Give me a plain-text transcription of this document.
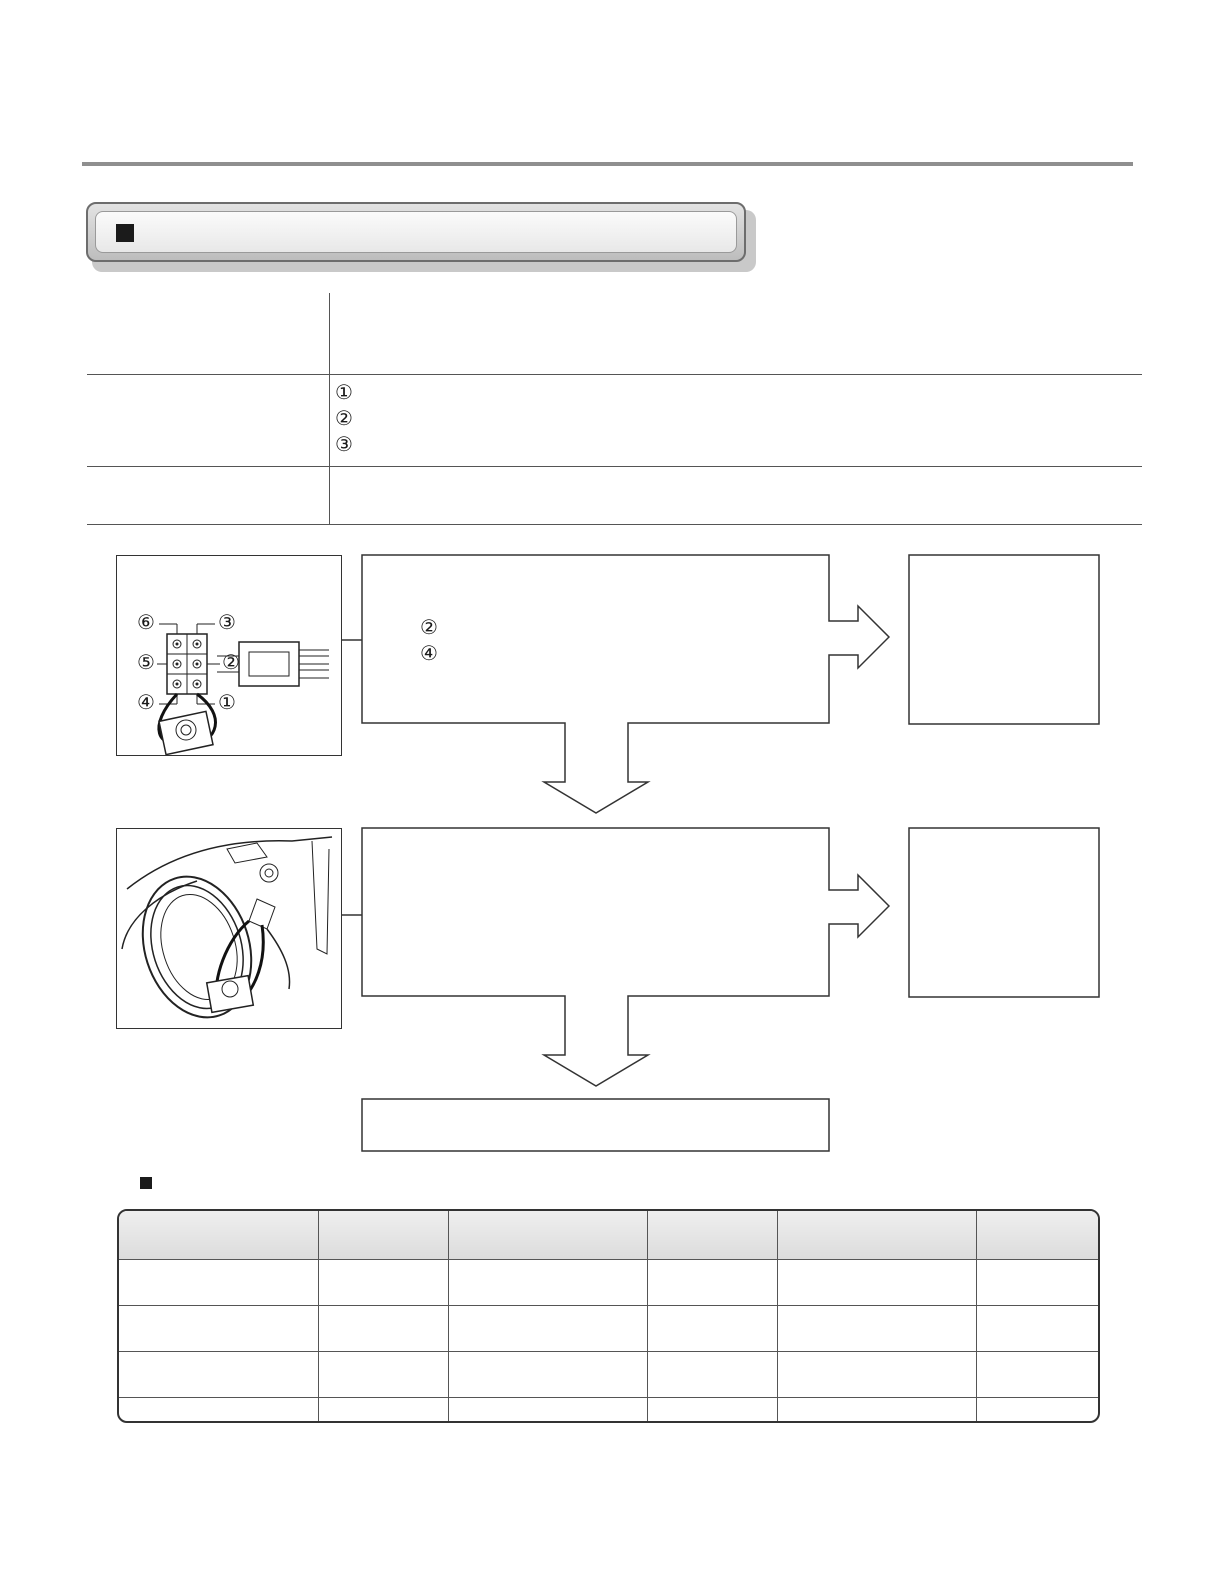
①
②
③
⑥	③
⑤	②
④	①
②
④
